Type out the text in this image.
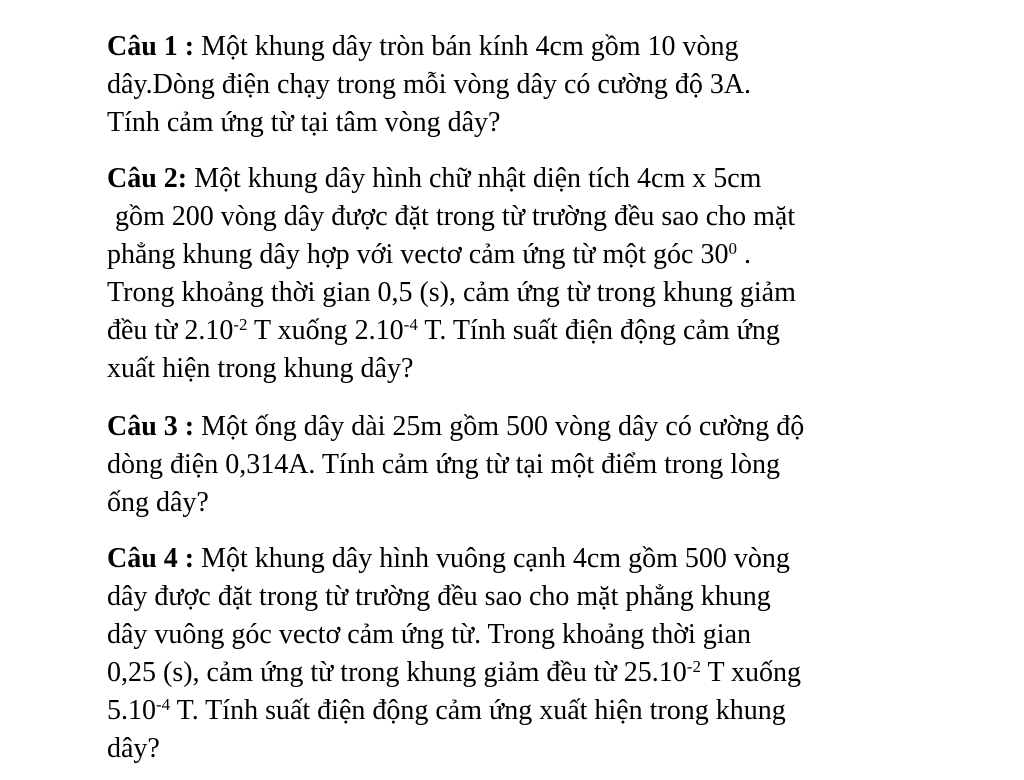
Câu 1 : Một khung dây tròn bán kính 4cm gồm 10 vòng
dây.Dòng điện chạy trong mỗi vòng dây có cường độ 3A.
Tính cảm ứng từ tại tâm vòng dây?
Câu 2: Một khung dây hình chữ nhật diện tích 4cm x 5cm
gồm 200 vòng dây được đặt trong từ trường đều sao cho mặt
phẳng khung dây hợp với vectơ cảm ứng từ một góc $30^0$ .
Trong khoảng thời gian 0,5 (s), cảm ứng từ trong khung giảm
đều từ $2.10^{-2}$ T xuống $2.10^{-4}$ T. Tính suất điện động cảm ứng
xuất hiện trong khung dây?
Câu 3 : Một ống dây dài 25m gồm 500 vòng dây có cường độ
dòng điện 0,314A. Tính cảm ứng từ tại một điểm trong lòng
ống dây?
Câu 4 : Một khung dây hình vuông cạnh 4cm gồm 500 vòng
dây được đặt trong từ trường đều sao cho mặt phẳng khung
dây vuông góc vectơ cảm ứng từ. Trong khoảng thời gian
0,25 (s), cảm ứng từ trong khung giảm đều từ $25.10^{-2}$ T xuống
$5.10^{-4}$ T. Tính suất điện động cảm ứng xuất hiện trong khung
dây?
